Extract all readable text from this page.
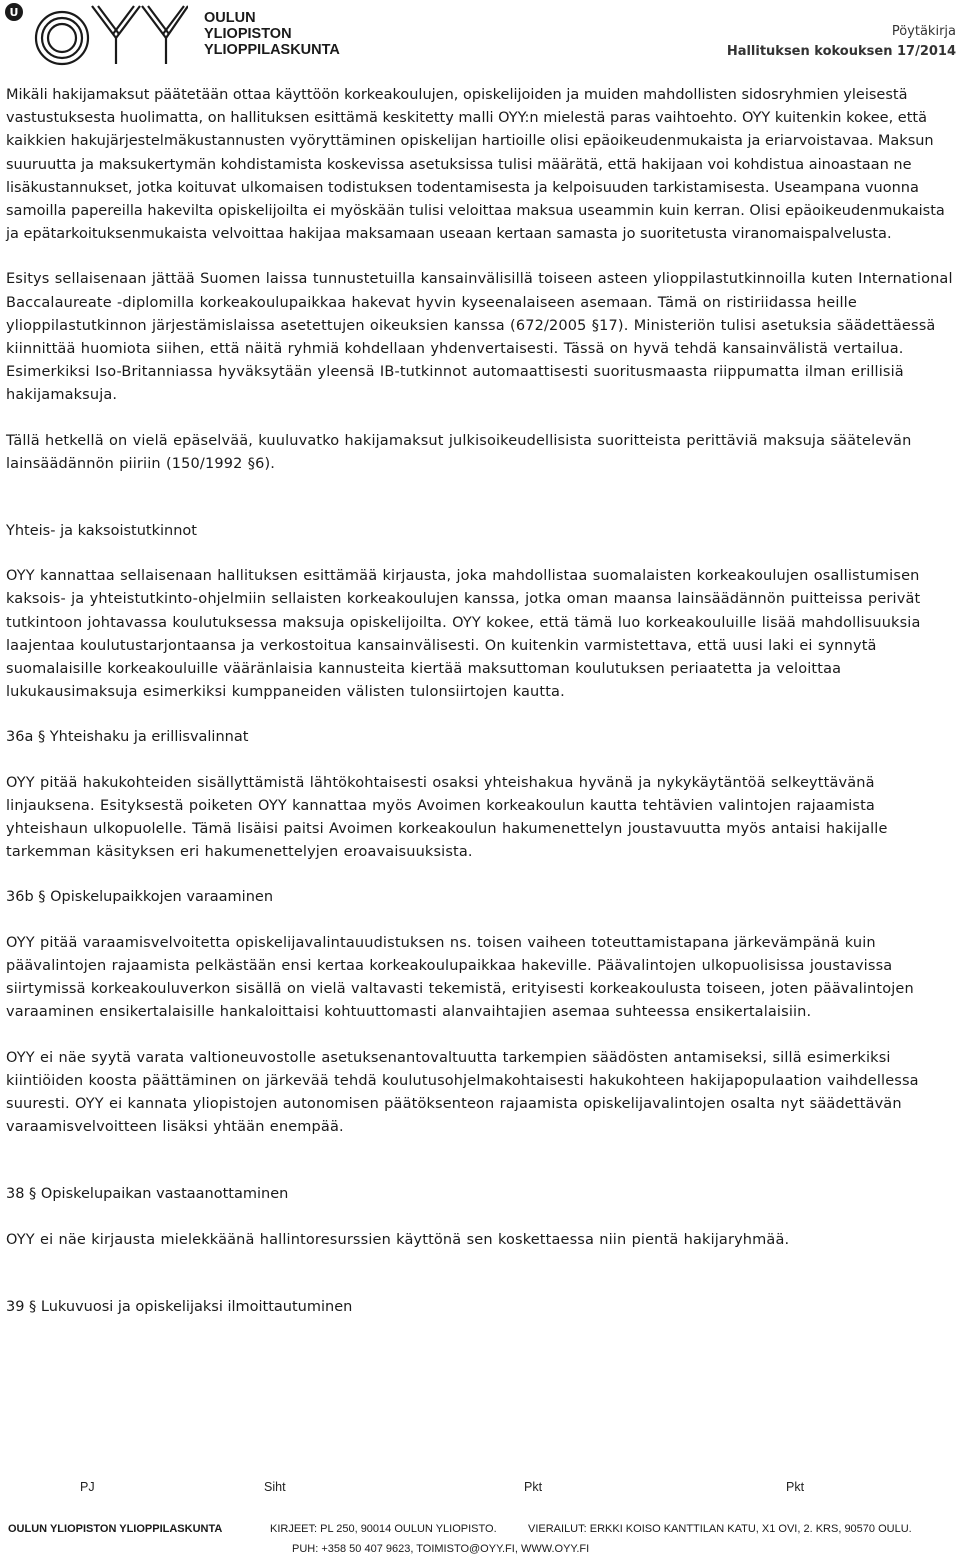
U	OULUN
YLIOPISTON
YLIOPPILASKUNTA
Pöytäkirja
Hallituksen kokouksen 17/2014

Mikäli hakijamaksut päätetään ottaa käyttöön korkeakoulujen, opiskelijoiden ja muiden mahdollisten sidosryhmien yleisestä vastustuksesta huolimatta, on hallituksen esittämä keskitetty malli OYY:n mielestä paras vaihtoehto. OYY kuitenkin kokee, että kaikkien hakujärjestelmäkustannusten vyöryttäminen opiskelijan hartioille olisi epäoikeudenmukaista ja eriarvoistavaa. Maksun suuruutta ja maksukertymän kohdistamista koskevissa asetuksissa tulisi määrätä, että hakijaan voi kohdistua ainoastaan ne lisäkustannukset, jotka koituvat ulkomaisen todistuksen todentamisesta ja kelpoisuuden tarkistamisesta. Useampana vuonna samoilla papereilla hakevilta opiskelijoilta ei myöskään tulisi veloittaa maksua useammin kuin kerran. Olisi epäoikeudenmukaista ja epätarkoituksenmukaista velvoittaa hakijaa maksamaan useaan kertaan samasta jo suoritetusta viranomaispalvelusta.

Esitys sellaisenaan jättää Suomen laissa tunnustetuilla kansainvälisillä toiseen asteen ylioppilastutkinnoilla kuten International Baccalaureate -diplomilla korkeakoulupaikkaa hakevat hyvin kyseenalaiseen asemaan. Tämä on ristiriidassa heille ylioppilastutkinnon järjestämislaissa asetettujen oikeuksien kanssa (672/2005 §17). Ministeriön tulisi asetuksia säädettäessä kiinnittää huomiota siihen, että näitä ryhmiä kohdellaan yhdenvertaisesti. Tässä on hyvä tehdä kansainvälistä vertailua. Esimerkiksi Iso-Britanniassa hyväksytään yleensä IB-tutkinnot automaattisesti suoritusmaasta riippumatta ilman erillisiä hakijamaksuja.

Tällä hetkellä on vielä epäselvää, kuuluvatko hakijamaksut julkisoikeudellisista suoritteista perittäviä maksuja säätelevän lainsäädännön piiriin (150/1992 §6).

Yhteis- ja kaksoistutkinnot

OYY kannattaa sellaisenaan hallituksen esittämää kirjausta, joka mahdollistaa suomalaisten korkeakoulujen osallistumisen kaksois- ja yhteistutkinto-ohjelmiin sellaisten korkeakoulujen kanssa, jotka oman maansa lainsäädännön puitteissa perivät tutkintoon johtavassa koulutuksessa maksuja opiskelijoilta. OYY kokee, että tämä luo korkeakouluille lisää mahdollisuuksia laajentaa koulutustarjontaansa ja verkostoitua kansainvälisesti. On kuitenkin varmistettava, että uusi laki ei synnytä suomalaisille korkeakouluille vääränlaisia kannusteita kiertää maksuttoman koulutuksen periaatetta ja veloittaa lukukausimaksuja esimerkiksi kumppaneiden välisten tulonsiirtojen kautta.

36a § Yhteishaku ja erillisvalinnat

OYY pitää hakukohteiden sisällyttämistä lähtökohtaisesti osaksi yhteishakua hyvänä ja nykykäytäntöä selkeyttävänä linjauksena. Esityksestä poiketen OYY kannattaa myös Avoimen korkeakoulun kautta tehtävien valintojen rajaamista yhteishaun ulkopuolelle. Tämä lisäisi paitsi Avoimen korkeakoulun hakumenettelyn joustavuutta myös antaisi hakijalle tarkemman käsityksen eri hakumenettelyjen eroavaisuuksista.

36b § Opiskelupaikkojen varaaminen

OYY pitää varaamisvelvoitetta opiskelijavalintauudistuksen ns. toisen vaiheen toteuttamistapana järkevämpänä kuin päävalintojen rajaamista pelkästään ensi kertaa korkeakoulupaikkaa hakeville. Päävalintojen ulkopuolisissa joustavissa siirtymissä korkeakouluverkon sisällä on vielä valtavasti tekemistä, erityisesti korkeakoulusta toiseen, joten päävalintojen varaaminen ensikertalaisille hankaloittaisi kohtuuttomasti alanvaihtajien asemaa suhteessa ensikertalaisiin.

OYY ei näe syytä varata valtioneuvostolle asetuksenantovaltuutta tarkempien säädösten antamiseksi, sillä esimerkiksi kiintiöiden koosta päättäminen on järkevää tehdä koulutusohjelmakohtaisesti hakukohteen hakijapopulaation vaihdellessa suuresti. OYY ei kannata yliopistojen autonomisen päätöksenteon rajaamista opiskelijavalintojen osalta nyt säädettävän varaamisvelvoitteen lisäksi yhtään enempää.

38 § Opiskelupaikan vastaanottaminen

OYY ei näe kirjausta mielekkäänä hallintoresurssien käyttönä sen koskettaessa niin pientä hakijaryhmää.

39 § Lukuvuosi ja opiskelijaksi ilmoittautuminen
PJ	Siht	Pkt	Pkt
OULUN YLIOPISTON YLIOPPILASKUNTA	KIRJEET: PL 250, 90014 OULUN YLIOPISTO.	VIERAILUT: ERKKI KOISO KANTTILAN KATU, X1 OVI, 2. KRS, 90570 OULU.
PUH: +358 50 407 9623, TOIMISTO@OYY.FI, WWW.OYY.FI
